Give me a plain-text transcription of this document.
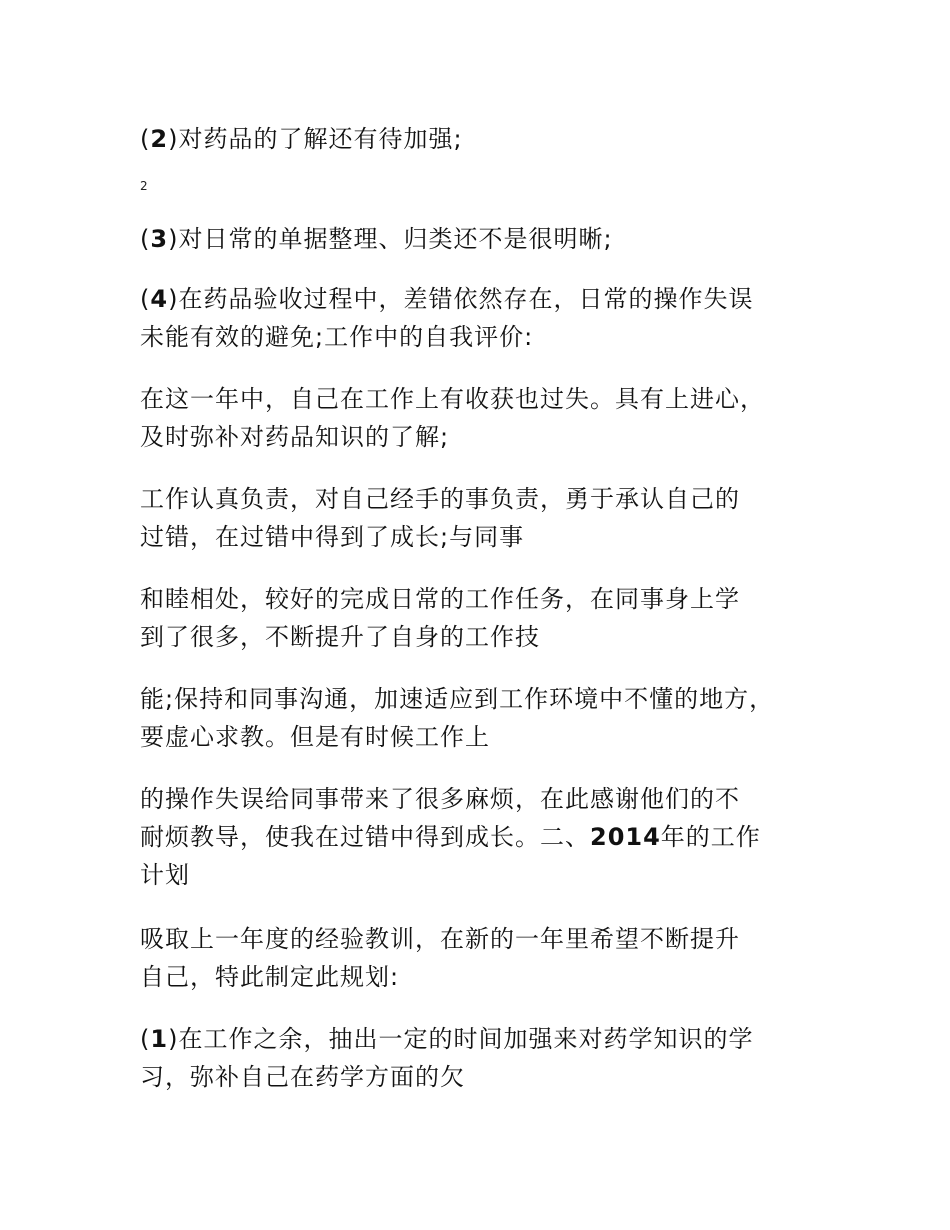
(2)对药品的了解还有待加强;

2

(3)对日常的单据整理、归类还不是很明晰;

(4)在药品验收过程中，差错依然存在，日常的操作失误
未能有效的避免;工作中的自我评价:

在这一年中，自己在工作上有收获也过失。具有上进心，
及时弥补对药品知识的了解;

工作认真负责，对自己经手的事负责，勇于承认自己的
过错，在过错中得到了成长;与同事

和睦相处，较好的完成日常的工作任务，在同事身上学
到了很多，不断提升了自身的工作技

能;保持和同事沟通，加速适应到工作环境中不懂的地方，
要虚心求教。但是有时候工作上

的操作失误给同事带来了很多麻烦，在此感谢他们的不
耐烦教导，使我在过错中得到成长。二、2014年的工作
计划

吸取上一年度的经验教训，在新的一年里希望不断提升
自己，特此制定此规划:

(1)在工作之余，抽出一定的时间加强来对药学知识的学
习，弥补自己在药学方面的欠
